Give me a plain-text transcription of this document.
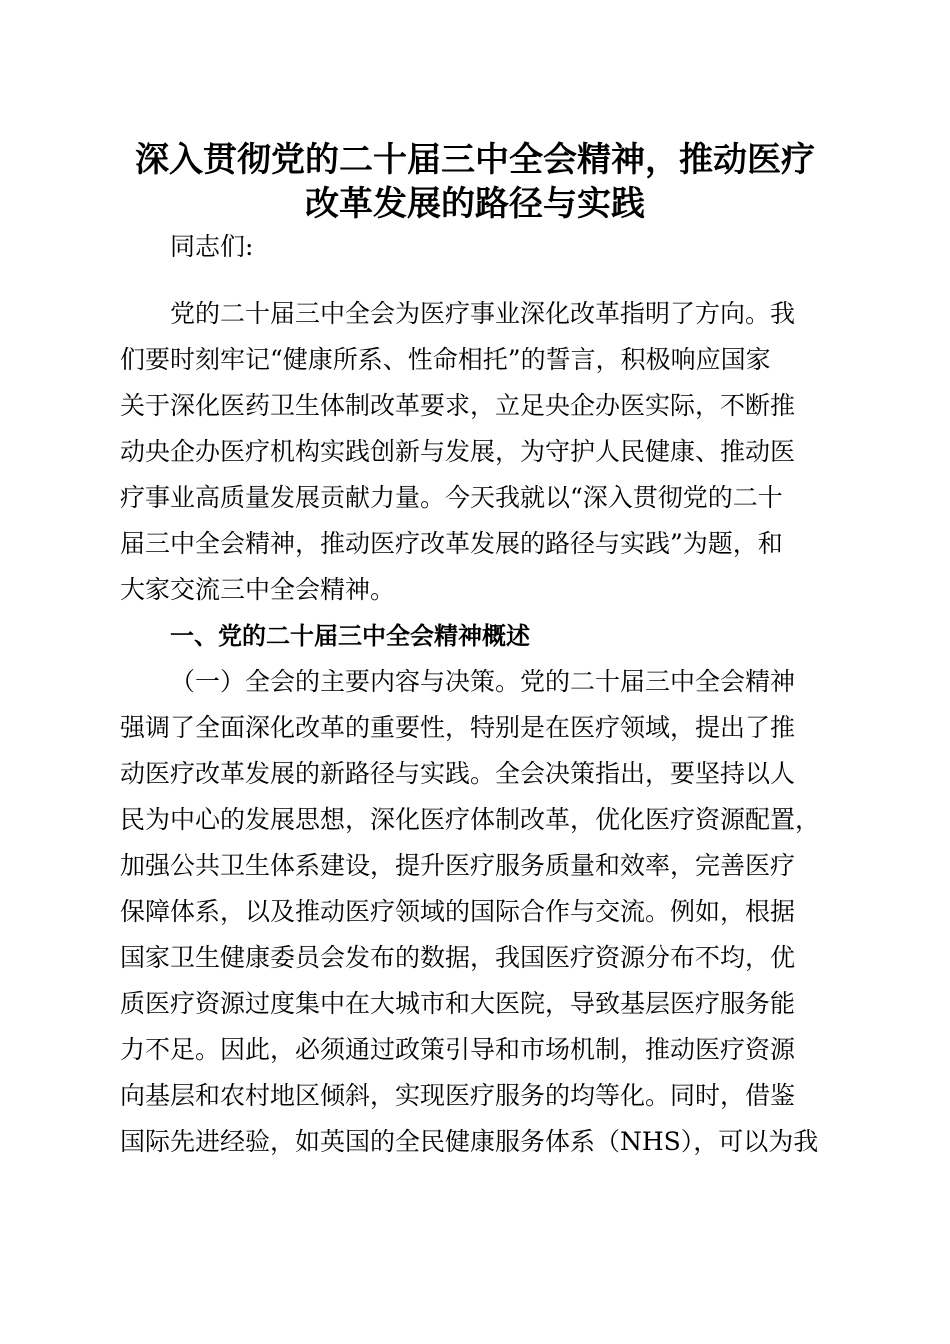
深入贯彻党的二十届三中全会精神，推动医疗
改革发展的路径与实践
同志们:
党的二十届三中全会为医疗事业深化改革指明了方向。我
们要时刻牢记“健康所系、性命相托”的誓言，积极响应国家
关于深化医药卫生体制改革要求，立足央企办医实际，不断推
动央企办医疗机构实践创新与发展，为守护人民健康、推动医
疗事业高质量发展贡献力量。今天我就以“深入贯彻党的二十
届三中全会精神，推动医疗改革发展的路径与实践”为题，和
大家交流三中全会精神。
一、党的二十届三中全会精神概述
（一）全会的主要内容与决策。党的二十届三中全会精神
强调了全面深化改革的重要性，特别是在医疗领域，提出了推
动医疗改革发展的新路径与实践。全会决策指出，要坚持以人
民为中心的发展思想，深化医疗体制改革，优化医疗资源配置，
加强公共卫生体系建设，提升医疗服务质量和效率，完善医疗
保障体系，以及推动医疗领域的国际合作与交流。例如，根据
国家卫生健康委员会发布的数据，我国医疗资源分布不均，优
质医疗资源过度集中在大城市和大医院，导致基层医疗服务能
力不足。因此，必须通过政策引导和市场机制，推动医疗资源
向基层和农村地区倾斜，实现医疗服务的均等化。同时，借鉴
国际先进经验，如英国的全民健康服务体系（NHS），可以为我
